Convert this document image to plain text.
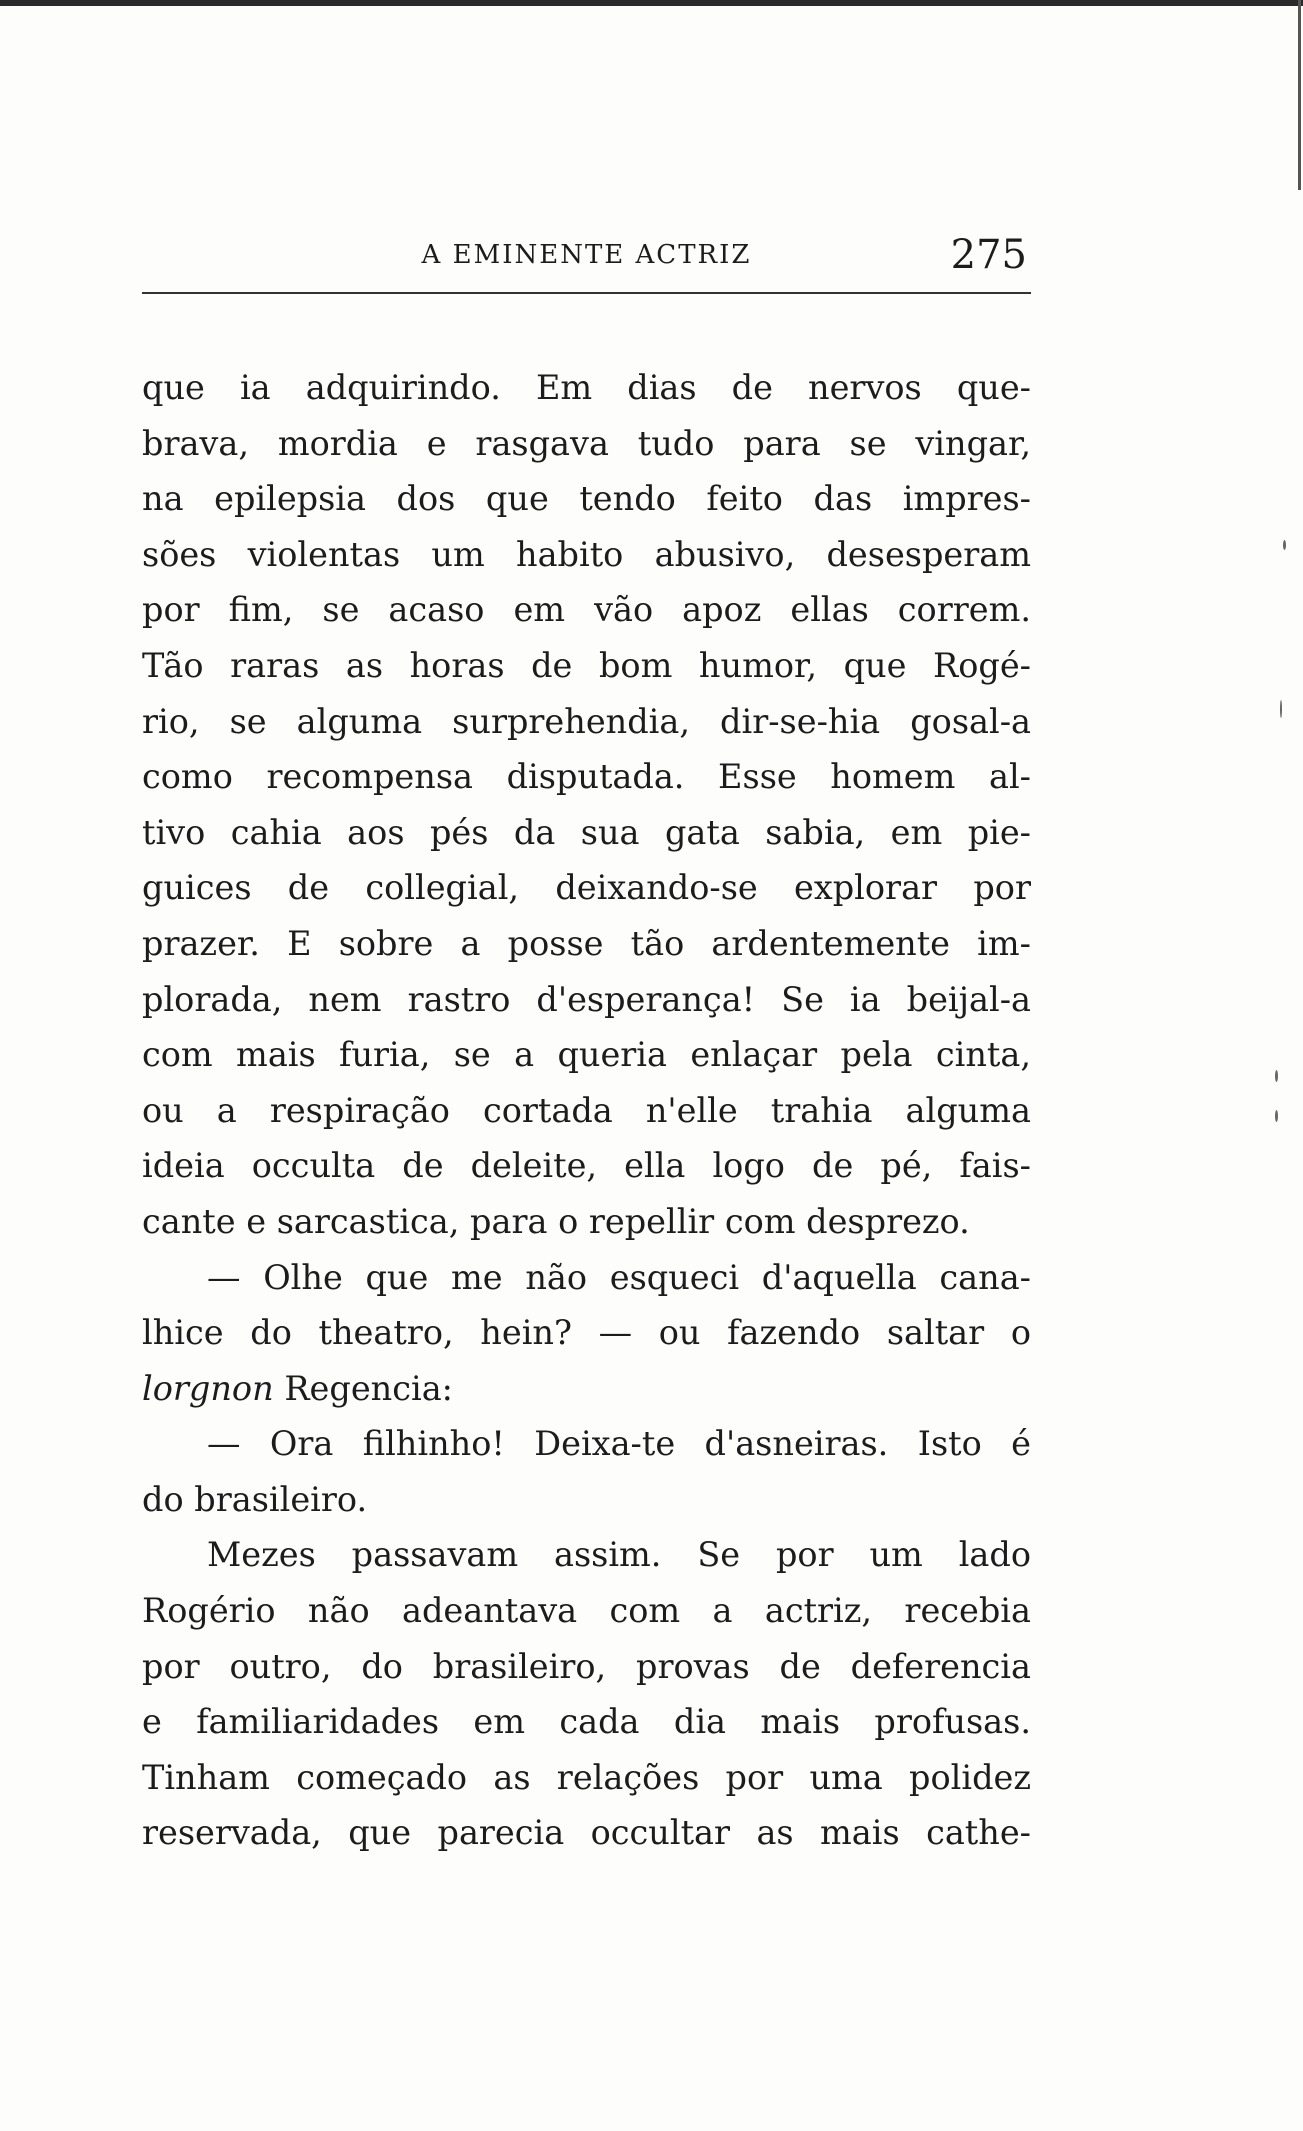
A EMINENTE ACTRIZ	275
que ia adquirindo. Em dias de nervos que-
brava, mordia e rasgava tudo para se vingar,
na epilepsia dos que tendo feito das impres-
sões violentas um habito abusivo, desesperam
por fim, se acaso em vão apoz ellas correm.
Tão raras as horas de bom humor, que Rogé-
rio, se alguma surprehendia, dir-se-hia gosal-a
como recompensa disputada. Esse homem al-
tivo cahia aos pés da sua gata sabia, em pie-
guices de collegial, deixando-se explorar por
prazer. E sobre a posse tão ardentemente im-
plorada, nem rastro d'esperança! Se ia beijal-a
com mais furia, se a queria enlaçar pela cinta,
ou a respiração cortada n'elle trahia alguma
ideia occulta de deleite, ella logo de pé, fais-
cante e sarcastica, para o repellir com desprezo.
— Olhe que me não esqueci d'aquella cana-
lhice do theatro, hein? — ou fazendo saltar o
lorgnon Regencia:
— Ora filhinho! Deixa-te d'asneiras. Isto é
do brasileiro.
Mezes passavam assim. Se por um lado
Rogério não adeantava com a actriz, recebia
por outro, do brasileiro, provas de deferencia
e familiaridades em cada dia mais profusas.
Tinham começado as relações por uma polidez
reservada, que parecia occultar as mais cathe-
